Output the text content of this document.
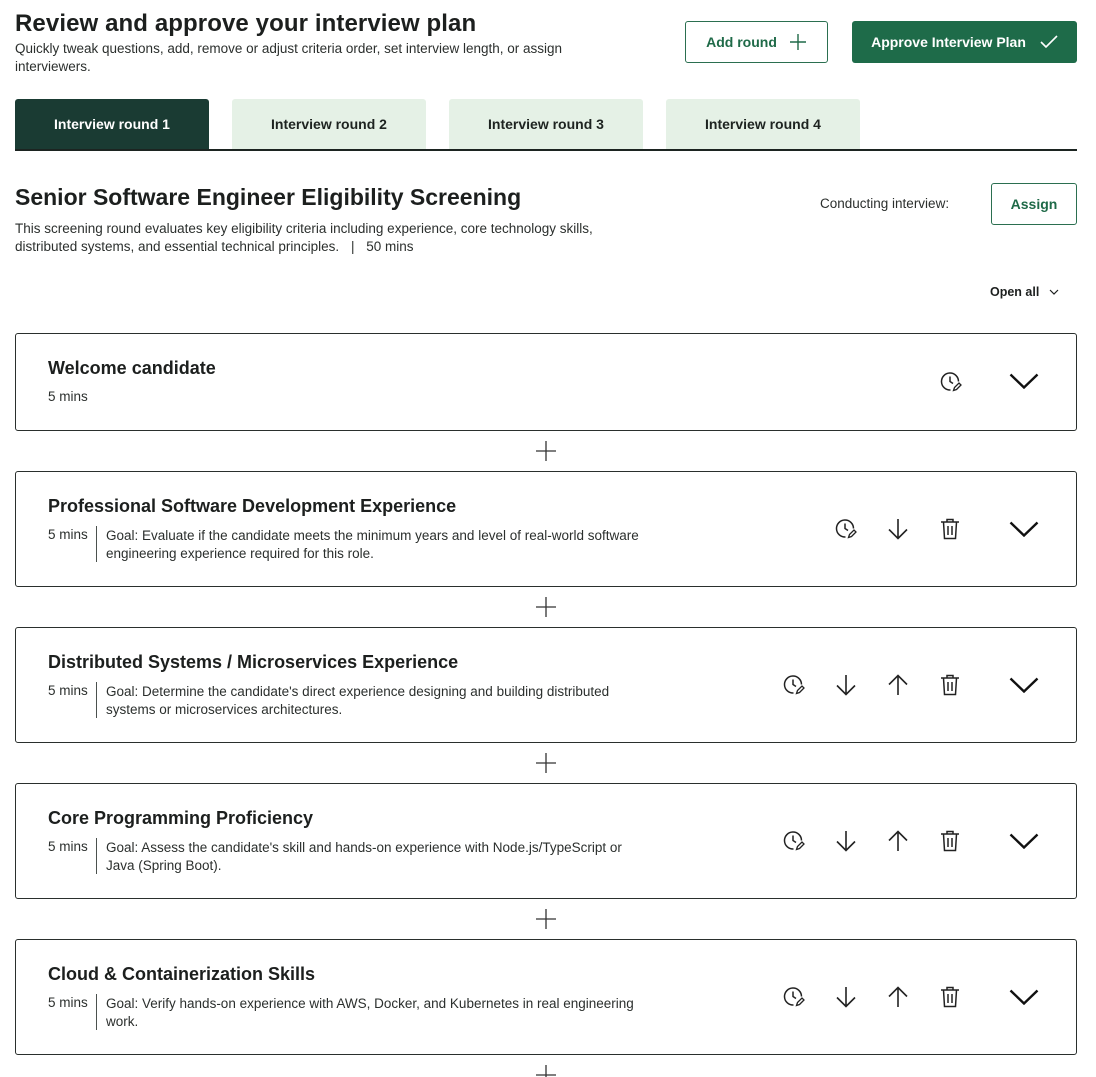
Review and approve your interview plan
Quickly tweak questions, add, remove or adjust criteria order, set interview length, or assign interviewers.
Add round	Approve Interview Plan
Interview round 1	Interview round 2	Interview round 3	Interview round 4
Senior Software Engineer Eligibility Screening
This screening round evaluates key eligibility criteria including experience, core technology skills, distributed systems, and essential technical principles. | 50 mins
Conducting interview:	Assign
Open all
Welcome candidate
5 mins
Professional Software Development Experience
5 mins Goal: Evaluate if the candidate meets the minimum years and level of real-world software engineering experience required for this role.
Distributed Systems / Microservices Experience
5 mins Goal: Determine the candidate's direct experience designing and building distributed systems or microservices architectures.
Core Programming Proficiency
5 mins Goal: Assess the candidate's skill and hands-on experience with Node.js/TypeScript or Java (Spring Boot).
Cloud & Containerization Skills
5 mins Goal: Verify hands-on experience with AWS, Docker, and Kubernetes in real engineering work.
